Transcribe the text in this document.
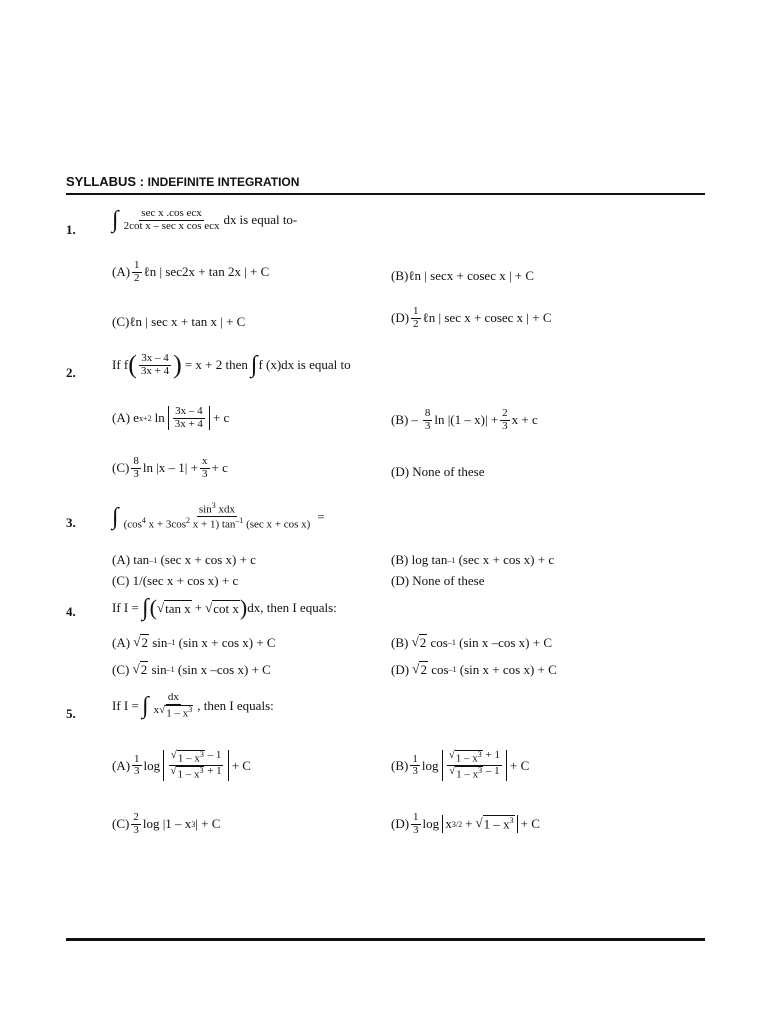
SYLLABUS : INDEFINITE INTEGRATION
1. ∫ $\frac{\text{sec x .cos ecx}}{\text{2cot x – sec x cos ecx}}$ dx is equal to-
$(A) \frac{1}{2}$ ℓn | sec2x + tan 2x | + C	(B)ℓn | secx + cosec x | + C
(C)ℓn | sec x + tan x | + C	$(D) \frac{1}{2}$ ℓn | sec x + cosec x | + C
2.
If f ( $\frac{3x - 4}{3x + 4}$ ) = x + 2 then ∫ f (x)dx is equal to
(A) e x+2 $\ln \frac{3x - 4}{3x + 4} + c$	$(B) - \frac{8}{3}$ $\ln |(1 - x)| + \frac{2}{3}$ x + c
$(C) \frac{8}{3}$ $\ln |x - 1| + \frac{x}{3} + c$	(D) None of these
3. ∫ $\frac{\sin^3 xdx}{(\cos^4 x + 3\cos^2 x + 1) \tan^{-1} (\sec x + \cos x)}$ =
(A)
tan –1
(sec x + cos x) + c	(B) log tan –1
(sec x + cos x) + c
(C) 1/(sec x + cos x) + c	(D) None of these
4.	If I =
∫ ( √ tan x + √ cot x ) dx, then I equals:
(A)
√ 2
sin –1
(sin x + cos x) + C	(B)
√ 2
cos –1
(sin x –cos x) + C
(C)
√ 2
sin –1
(sin x –cos x) + C	(D)
√ 2
cos –1
(sin x + cos x) + C
5.
If I =
∫ $\frac{dx}{x√ 1 - x^3}$ , then I equals:
$(A) \frac{1}{3}$ log
$\frac{√ 1 - x^3 - 1}{√ 1 - x^3 + 1} + C$	$(B) \frac{1}{3}$ log
$\frac{√ 1 - x^3 + 1}{√ 1 - x^3 - 1} + C$
$(C) \frac{2}{3}$ log |1 – x 3 | + C	$(D) \frac{1}{3}$ log
x 3/2 + √ $1 - x^3 + C$
